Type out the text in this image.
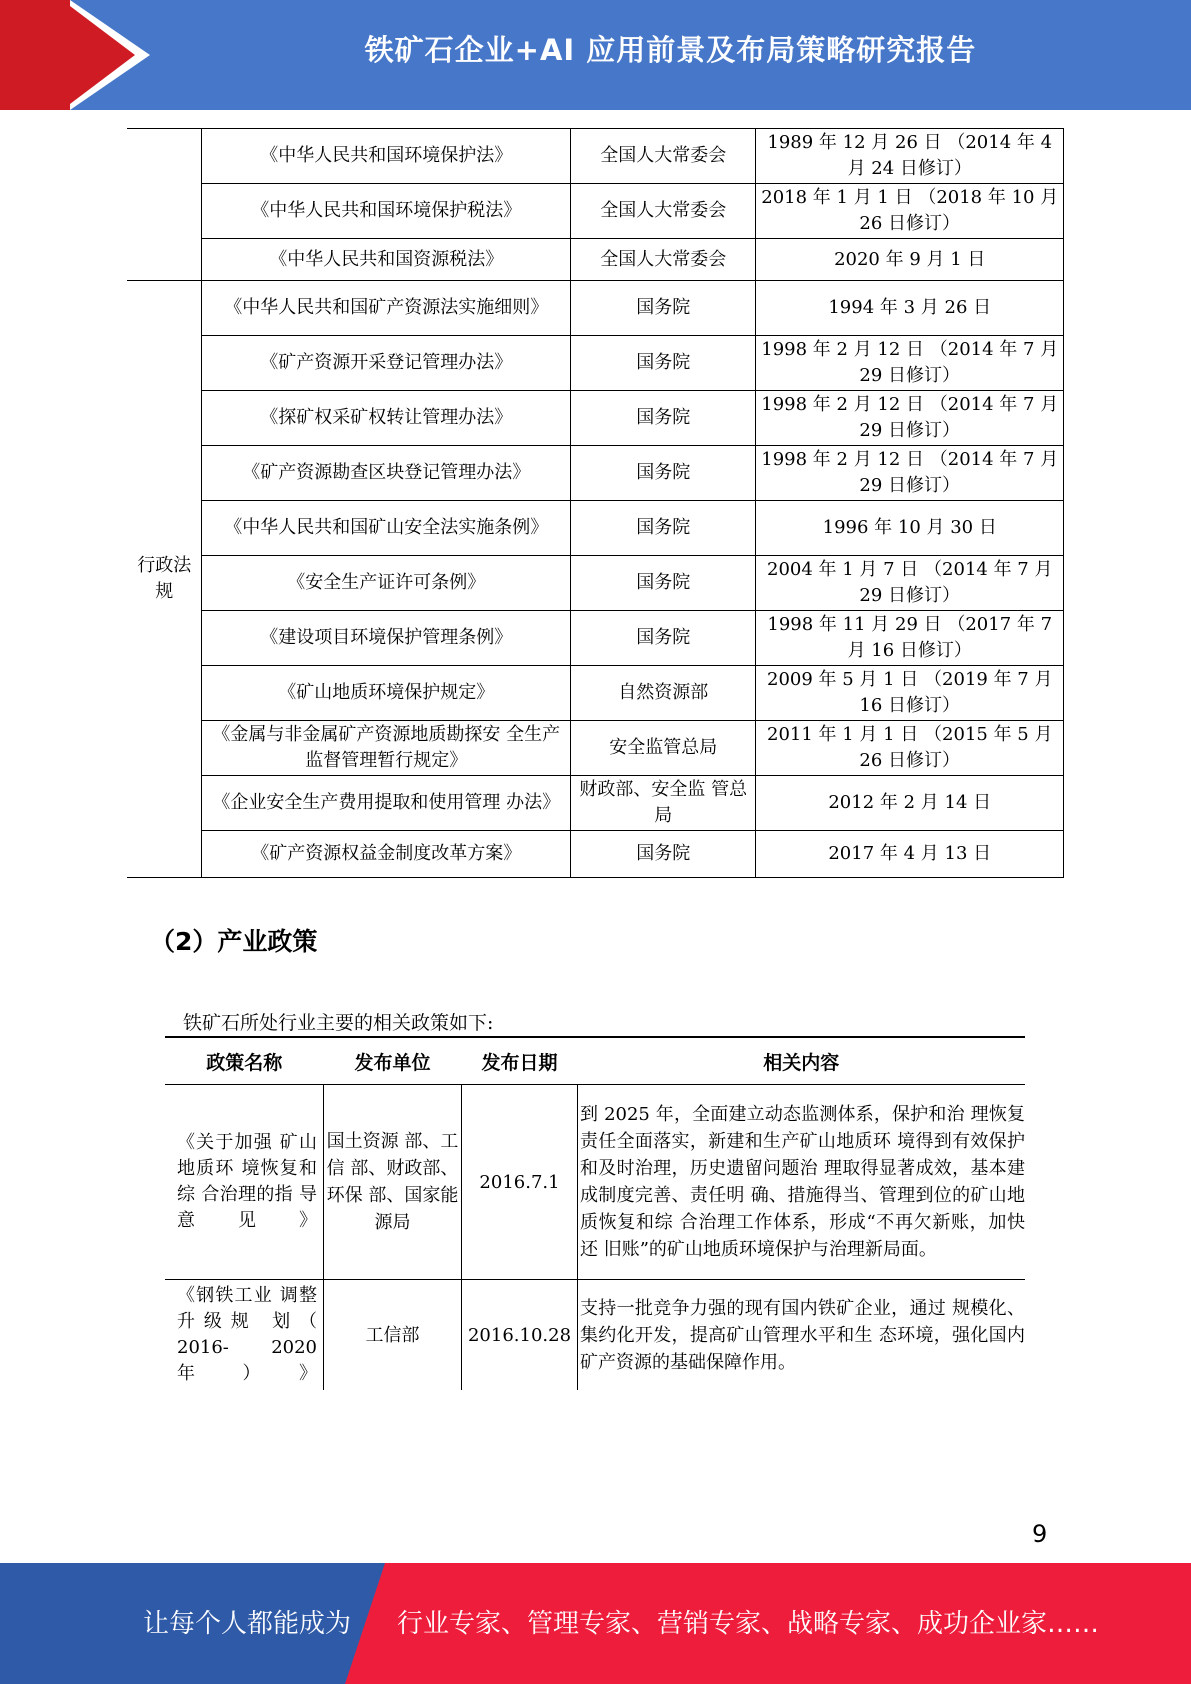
铁矿石企业+AI 应用前景及布局策略研究报告
	《中华人民共和国环境保护法》	全国人大常委会	1989 年 12 月 26 日 （2014 年 4 月 24 日修订）
	《中华人民共和国环境保护税法》	全国人大常委会	2018 年 1 月 1 日 （2018 年 10 月 26 日修订）
	《中华人民共和国资源税法》	全国人大常委会	2020 年 9 月 1 日
行政法规	《中华人民共和国矿产资源法实施细则》	国务院	1994 年 3 月 26 日
	《矿产资源开采登记管理办法》	国务院	1998 年 2 月 12 日 （2014 年 7 月 29 日修订）
	《探矿权采矿权转让管理办法》	国务院	1998 年 2 月 12 日 （2014 年 7 月 29 日修订）
	《矿产资源勘查区块登记管理办法》	国务院	1998 年 2 月 12 日 （2014 年 7 月 29 日修订）
	《中华人民共和国矿山安全法实施条例》	国务院	1996 年 10 月 30 日
	《安全生产证许可条例》	国务院	2004 年 1 月 7 日 （2014 年 7 月 29 日修订）
	《建设项目环境保护管理条例》	国务院	1998 年 11 月 29 日 （2017 年 7 月 16 日修订）
	《矿山地质环境保护规定》	自然资源部	2009 年 5 月 1 日 （2019 年 7 月 16 日修订）
	《金属与非金属矿产资源地质勘探安 全生产监督管理暂行规定》	安全监管总局	2011 年 1 月 1 日 （2015 年 5 月 26 日修订）
	《企业安全生产费用提取和使用管理 办法》	财政部、安全监 管总局	2012 年 2 月 14 日
	《矿产资源权益金制度改革方案》	国务院	2017 年 4 月 13 日
（2）产业政策
铁矿石所处行业主要的相关政策如下:
政策名称	发布单位	发布日期	相关内容
《关于加强 矿山地质环 境恢复和综 合治理的指 导意见》	国土资源 部、工信 部、财政部、环保 部、国家能 源局	2016.7.1	到 2025 年，全面建立动态监测体系，保护和治 理恢复责任全面落实，新建和生产矿山地质环 境得到有效保护和及时治理，历史遗留问题治 理取得显著成效，基本建成制度完善、责任明 确、措施得当、管理到位的矿山地质恢复和综 合治理工作体系，形成“不再欠新账，加快还 旧账”的矿山地质环境保护与治理新局面。
《钢铁工业 调整升级规 划（ 2016- 2020 年）》	工信部	2016.10.28	支持一批竞争力强的现有国内铁矿企业，通过 规模化、集约化开发，提高矿山管理水平和生 态环境，强化国内矿产资源的基础保障作用。
9
让每个人都能成为 行业专家、管理专家、营销专家、战略专家、成功企业家……
